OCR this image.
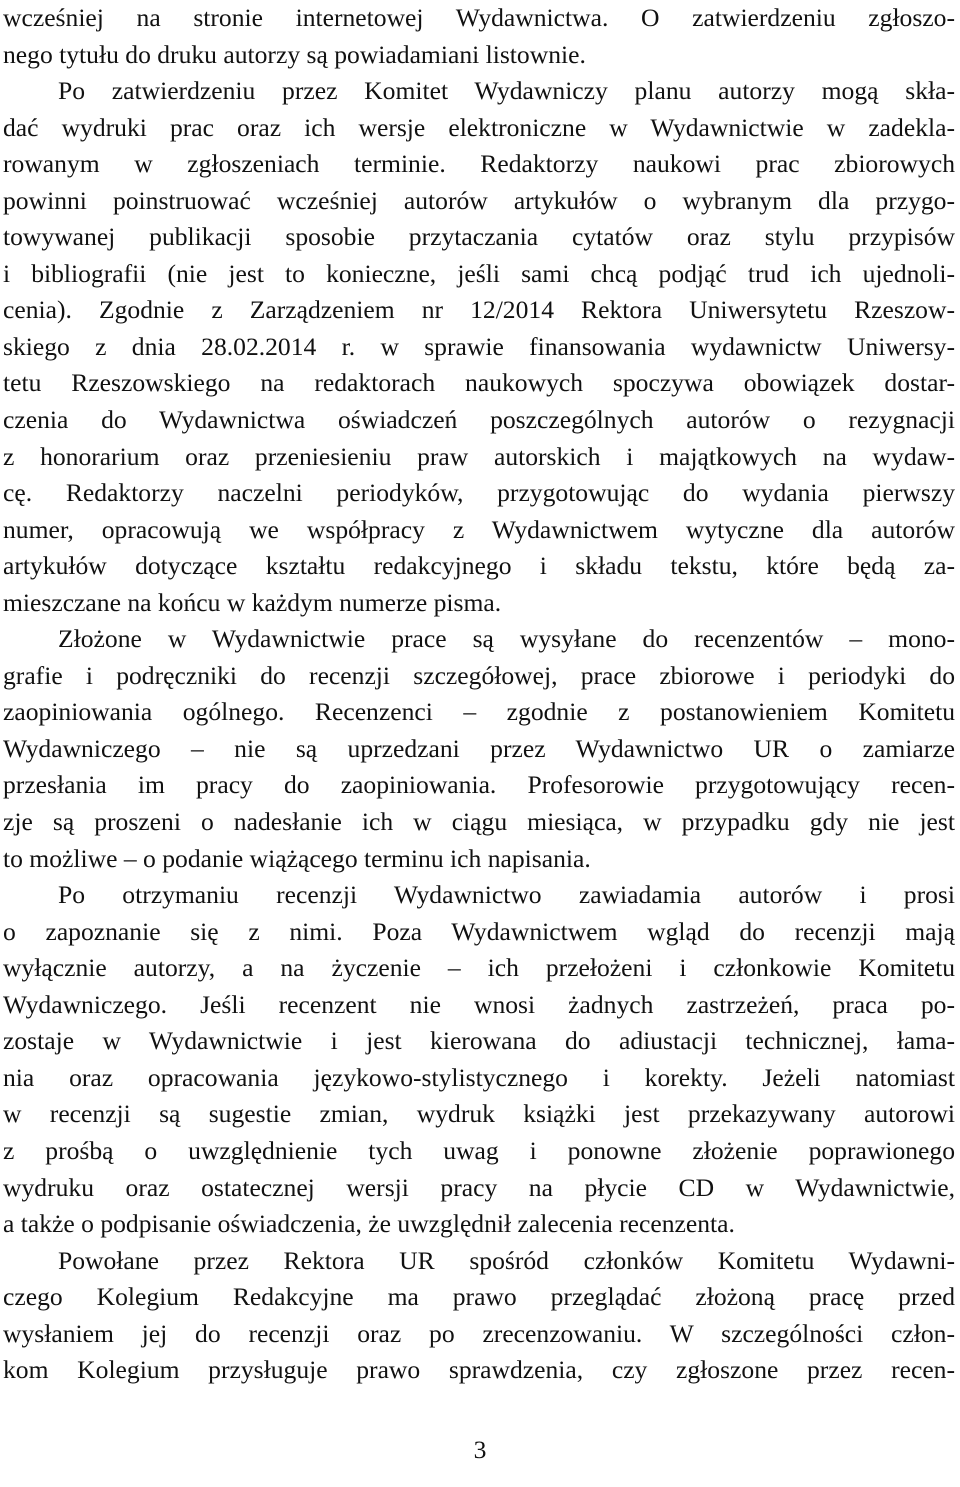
wcześniej na stronie internetowej Wydawnictwa. O zatwierdzeniu zgłoszo-
nego tytułu do druku autorzy są powiadamiani listownie.
Po zatwierdzeniu przez Komitet Wydawniczy planu autorzy mogą skła-
dać wydruki prac oraz ich wersje elektroniczne w Wydawnictwie w zadekla-
rowanym w zgłoszeniach terminie. Redaktorzy naukowi prac zbiorowych
powinni poinstruować wcześniej autorów artykułów o wybranym dla przygo-
towywanej publikacji sposobie przytaczania cytatów oraz stylu przypisów
i bibliografii (nie jest to konieczne, jeśli sami chcą podjąć trud ich ujednoli-
cenia). Zgodnie z Zarządzeniem nr 12/2014 Rektora Uniwersytetu Rzeszow-
skiego z dnia 28.02.2014 r. w sprawie finansowania wydawnictw Uniwersy-
tetu Rzeszowskiego na redaktorach naukowych spoczywa obowiązek dostar-
czenia do Wydawnictwa oświadczeń poszczególnych autorów o rezygnacji
z honorarium oraz przeniesieniu praw autorskich i majątkowych na wydaw-
cę. Redaktorzy naczelni periodyków, przygotowując do wydania pierwszy
numer, opracowują we współpracy z Wydawnictwem wytyczne dla autorów
artykułów dotyczące kształtu redakcyjnego i składu tekstu, które będą za-
mieszczane na końcu w każdym numerze pisma.
Złożone w Wydawnictwie prace są wysyłane do recenzentów – mono-
grafie i podręczniki do recenzji szczegółowej, prace zbiorowe i periodyki do
zaopiniowania ogólnego. Recenzenci – zgodnie z postanowieniem Komitetu
Wydawniczego – nie są uprzedzani przez Wydawnictwo UR o zamiarze
przesłania im pracy do zaopiniowania. Profesorowie przygotowujący recen-
zje są proszeni o nadesłanie ich w ciągu miesiąca, w przypadku gdy nie jest
to możliwe – o podanie wiążącego terminu ich napisania.
Po otrzymaniu recenzji Wydawnictwo zawiadamia autorów i prosi
o zapoznanie się z nimi. Poza Wydawnictwem wgląd do recenzji mają
wyłącznie autorzy, a na życzenie – ich przełożeni i członkowie Komitetu
Wydawniczego. Jeśli recenzent nie wnosi żadnych zastrzeżeń, praca po-
zostaje w Wydawnictwie i jest kierowana do adiustacji technicznej, łama-
nia oraz opracowania językowo-stylistycznego i korekty. Jeżeli natomiast
w recenzji są sugestie zmian, wydruk książki jest przekazywany autorowi
z prośbą o uwzględnienie tych uwag i ponowne złożenie poprawionego
wydruku oraz ostatecznej wersji pracy na płycie CD w Wydawnictwie,
a także o podpisanie oświadczenia, że uwzględnił zalecenia recenzenta.
Powołane przez Rektora UR spośród członków Komitetu Wydawni-
czego Kolegium Redakcyjne ma prawo przeglądać złożoną pracę przed
wysłaniem jej do recenzji oraz po zrecenzowaniu. W szczególności człon-
kom Kolegium przysługuje prawo sprawdzenia, czy zgłoszone przez recen-
3
